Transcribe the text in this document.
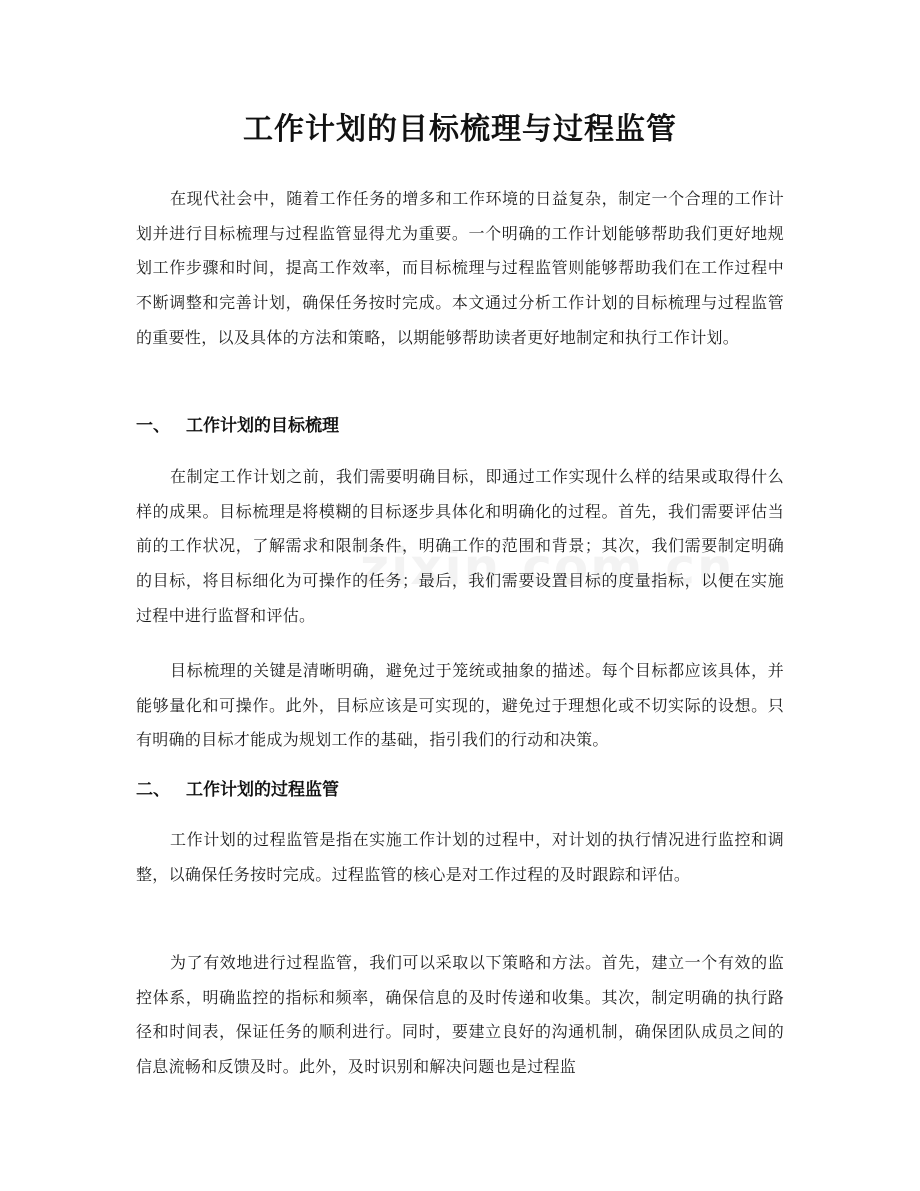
工作计划的目标梳理与过程监管

在现代社会中，随着工作任务的增多和工作环境的日益复杂，制定一个合理的工作计划并进行目标梳理与过程监管显得尤为重要。一个明确的工作计划能够帮助我们更好地规划工作步骤和时间，提高工作效率，而目标梳理与过程监管则能够帮助我们在工作过程中不断调整和完善计划，确保任务按时完成。本文通过分析工作计划的目标梳理与过程监管的重要性，以及具体的方法和策略，以期能够帮助读者更好地制定和执行工作计划。

一、 工作计划的目标梳理

在制定工作计划之前，我们需要明确目标，即通过工作实现什么样的结果或取得什么样的成果。目标梳理是将模糊的目标逐步具体化和明确化的过程。首先，我们需要评估当前的工作状况，了解需求和限制条件，明确工作的范围和背景；其次，我们需要制定明确的目标，将目标细化为可操作的任务；最后，我们需要设置目标的度量指标，以便在实施过程中进行监督和评估。

目标梳理的关键是清晰明确，避免过于笼统或抽象的描述。每个目标都应该具体，并能够量化和可操作。此外，目标应该是可实现的，避免过于理想化或不切实际的设想。只有明确的目标才能成为规划工作的基础，指引我们的行动和决策。

二、 工作计划的过程监管

工作计划的过程监管是指在实施工作计划的过程中，对计划的执行情况进行监控和调整，以确保任务按时完成。过程监管的核心是对工作过程的及时跟踪和评估。

为了有效地进行过程监管，我们可以采取以下策略和方法。首先，建立一个有效的监控体系，明确监控的指标和频率，确保信息的及时传递和收集。其次，制定明确的执行路径和时间表，保证任务的顺利进行。同时，要建立良好的沟通机制，确保团队成员之间的信息流畅和反馈及时。此外，及时识别和解决问题也是过程监
